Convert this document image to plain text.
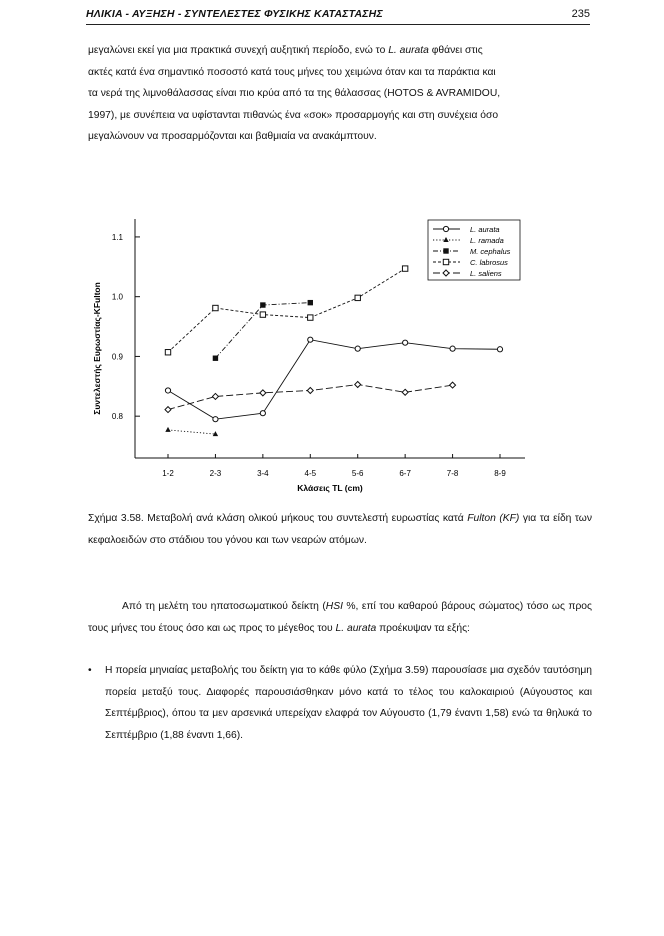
ΗΛΙΚΙΑ - ΑΥΞΗΣΗ - ΣΥΝΤΕΛΕΣΤΕΣ ΦΥΣΙΚΗΣ ΚΑΤΑΣΤΑΣΗΣ	235
μεγαλώνει εκεί για μια πρακτικά συνεχή αυξητική περίοδο, ενώ το L. aurata φθάνει στις
ακτές κατά ένα σημαντικό ποσοστό κατά τους μήνες του χειμώνα όταν και τα παράκτια και
τα νερά της λιμνοθάλασσας είναι πιο κρύα από τα της θάλασσας (HOTOS & AVRAMIDOU,
1997), με συνέπεια να υφίστανται πιθανώς ένα «σοκ» προσαρμογής και στη συνέχεια όσο
μεγαλώνουν να προσαρμόζονται και βαθμιαία να ανακάμπτουν.
1.1
1.0
0.9
0.8
1-2	2-3	3-4	4-5	5-6	6-7	7-8	8-9
Κλάσεις TL (cm)
Συντελεστής Ευρωστίας-KFulton
L. aurata
L. ramada
M. cephalus
C. labrosus
L. saliens
Σχήμα 3.58. Μεταβολή ανά κλάση ολικού μήκους του συντελεστή ευρωστίας κατά Fulton (KF) για τα είδη των κεφαλοειδών στο στάδιου του γόνου και των νεαρών ατόμων.
Από τη μελέτη του ηπατοσωματικού δείκτη (HSI %, επί του καθαρού βάρους σώματος) τόσο ως προς τους μήνες του έτους όσο και ως προς το μέγεθος του L. aurata προέκυψαν τα εξής:
• Η πορεία μηνιαίας μεταβολής του δείκτη για το κάθε φύλο (Σχήμα 3.59) παρουσίασε μια σχεδόν ταυτόσημη πορεία μεταξύ τους. Διαφορές παρουσιάσθηκαν μόνο κατά το τέλος του καλοκαιριού (Αύγουστος και Σεπτέμβριος), όπου τα μεν αρσενικά υπερείχαν ελαφρά τον Αύγουστο (1,79 έναντι 1,58) ενώ τα θηλυκά το Σεπτέμβριο (1,88 έναντι 1,66).
